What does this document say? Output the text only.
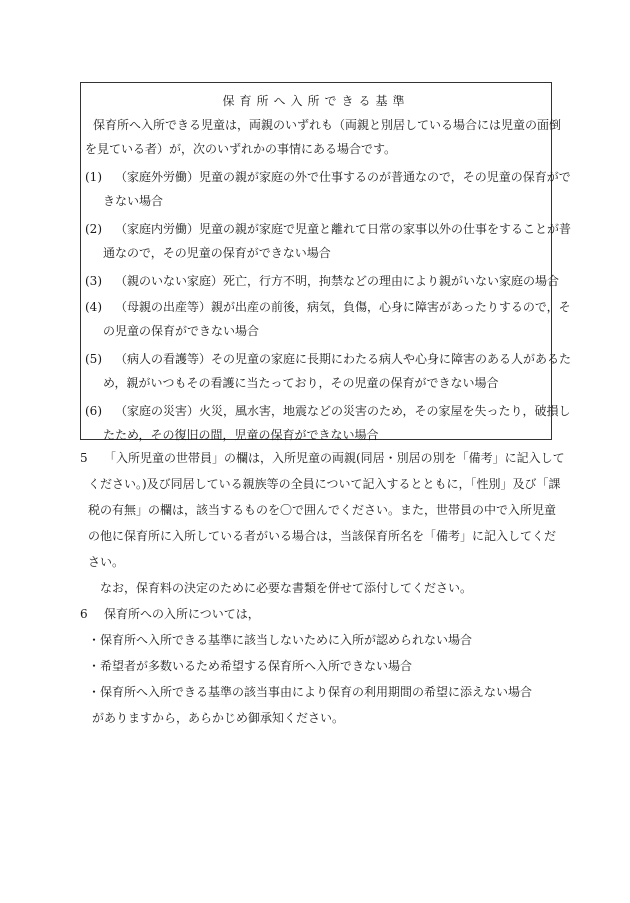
保育所へ入所できる基準
保育所へ入所できる児童は，両親のいずれも（両親と別居している場合には児童の面倒
を見ている者）が，次のいずれかの事情にある場合です。
(1) （家庭外労働）児童の親が家庭の外で仕事するのが普通なので，その児童の保育がで
きない場合
(2) （家庭内労働）児童の親が家庭で児童と離れて日常の家事以外の仕事をすることが普
通なので，その児童の保育ができない場合
(3) （親のいない家庭）死亡，行方不明，拘禁などの理由により親がいない家庭の場合
(4) （母親の出産等）親が出産の前後，病気，負傷，心身に障害があったりするので，そ
の児童の保育ができない場合
(5) （病人の看護等）その児童の家庭に長期にわたる病人や心身に障害のある人があるた
め，親がいつもその看護に当たっており，その児童の保育ができない場合
(6) （家庭の災害）火災，風水害，地震などの災害のため，その家屋を失ったり，破損し
たため，その復旧の間，児童の保育ができない場合
5 「入所児童の世帯員」の欄は，入所児童の両親(同居・別居の別を「備考」に記入して
ください。)及び同居している親族等の全員について記入するとともに，「性別」及び「課
税の有無」の欄は，該当するものを〇で囲んでください。また，世帯員の中で入所児童
の他に保育所に入所している者がいる場合は，当該保育所名を「備考」に記入してくだ
さい。
なお，保育料の決定のために必要な書類を併せて添付してください。
6 保育所への入所については，
・保育所へ入所できる基準に該当しないために入所が認められない場合
・希望者が多数いるため希望する保育所へ入所できない場合
・保育所へ入所できる基準の該当事由により保育の利用期間の希望に添えない場合
がありますから，あらかじめ御承知ください。
